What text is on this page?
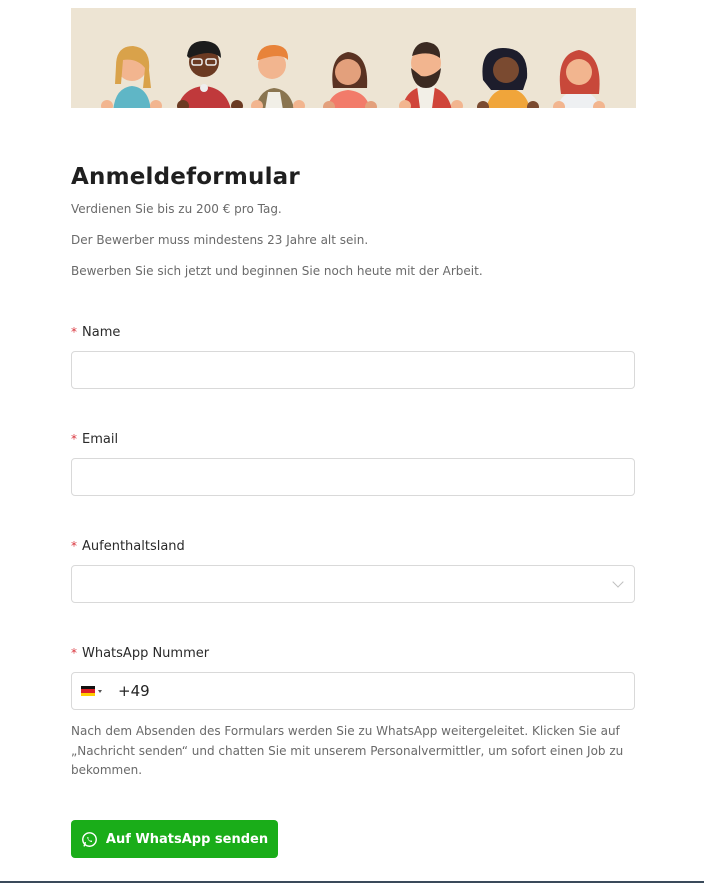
Anmeldeformular
Verdienen Sie bis zu 200 € pro Tag.
Der Bewerber muss mindestens 23 Jahre alt sein.
Bewerben Sie sich jetzt und beginnen Sie noch heute mit der Arbeit.
* Name
* Email
* Aufenthaltsland
* WhatsApp Nummer
+49
Nach dem Absenden des Formulars werden Sie zu WhatsApp weitergeleitet. Klicken Sie auf „Nachricht senden“ und chatten Sie mit unserem Personalvermittler, um sofort einen Job zu bekommen.
Auf WhatsApp senden
